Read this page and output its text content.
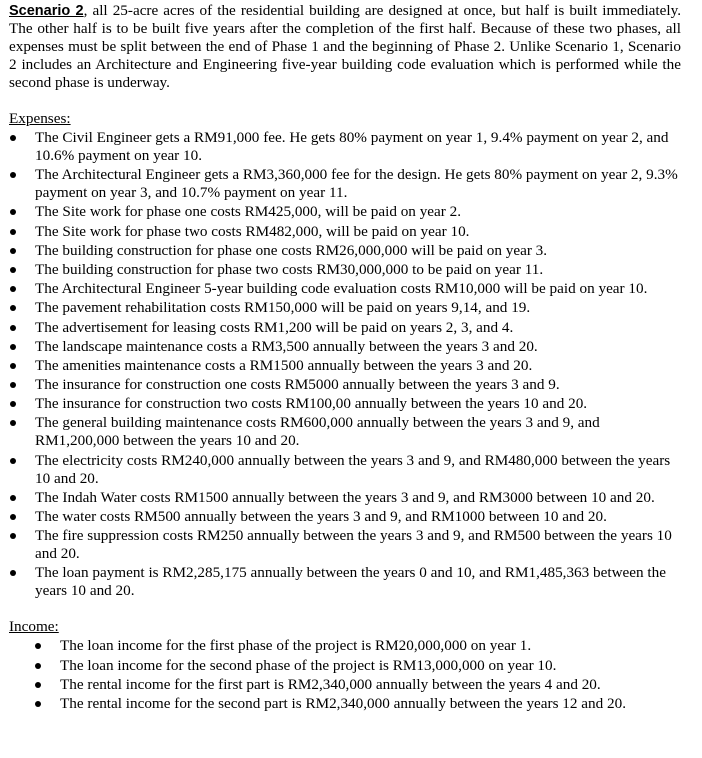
Scenario 2, all 25-acre acres of the residential building are designed at once, but half is built immediately. The other half is to be built five years after the completion of the first half. Because of these two phases, all expenses must be split between the end of Phase 1 and the beginning of Phase 2. Unlike Scenario 1, Scenario 2 includes an Architecture and Engineering five-year building code evaluation which is performed while the second phase is underway.

Expenses:
The Civil Engineer gets a RM91,000 fee. He gets 80% payment on year 1, 9.4% payment on year 2, and 10.6% payment on year 10.
The Architectural Engineer gets a RM3,360,000 fee for the design. He gets 80% payment on year 2, 9.3% payment on year 3, and 10.7% payment on year 11.
The Site work for phase one costs RM425,000, will be paid on year 2.
The Site work for phase two costs RM482,000, will be paid on year 10.
The building construction for phase one costs RM26,000,000 will be paid on year 3.
The building construction for phase two costs RM30,000,000 to be paid on year 11.
The Architectural Engineer 5-year building code evaluation costs RM10,000 will be paid on year 10.
The pavement rehabilitation costs RM150,000 will be paid on years 9,14, and 19.
The advertisement for leasing costs RM1,200 will be paid on years 2, 3, and 4.
The landscape maintenance costs a RM3,500 annually between the years 3 and 20.
The amenities maintenance costs a RM1500 annually between the years 3 and 20.
The insurance for construction one costs RM5000 annually between the years 3 and 9.
The insurance for construction two costs RM100,00 annually between the years 10 and 20.
The general building maintenance costs RM600,000 annually between the years 3 and 9, and RM1,200,000 between the years 10 and 20.
The electricity costs RM240,000 annually between the years 3 and 9, and RM480,000 between the years 10 and 20.
The Indah Water costs RM1500 annually between the years 3 and 9, and RM3000 between 10 and 20.
The water costs RM500 annually between the years 3 and 9, and RM1000 between 10 and 20.
The fire suppression costs RM250 annually between the years 3 and 9, and RM500 between the years 10 and 20.
The loan payment is RM2,285,175 annually between the years 0 and 10, and RM1,485,363 between the years 10 and 20.
Income:
The loan income for the first phase of the project is RM20,000,000 on year 1.
The loan income for the second phase of the project is RM13,000,000 on year 10.
The rental income for the first part is RM2,340,000 annually between the years 4 and 20.
The rental income for the second part is RM2,340,000 annually between the years 12 and 20.
